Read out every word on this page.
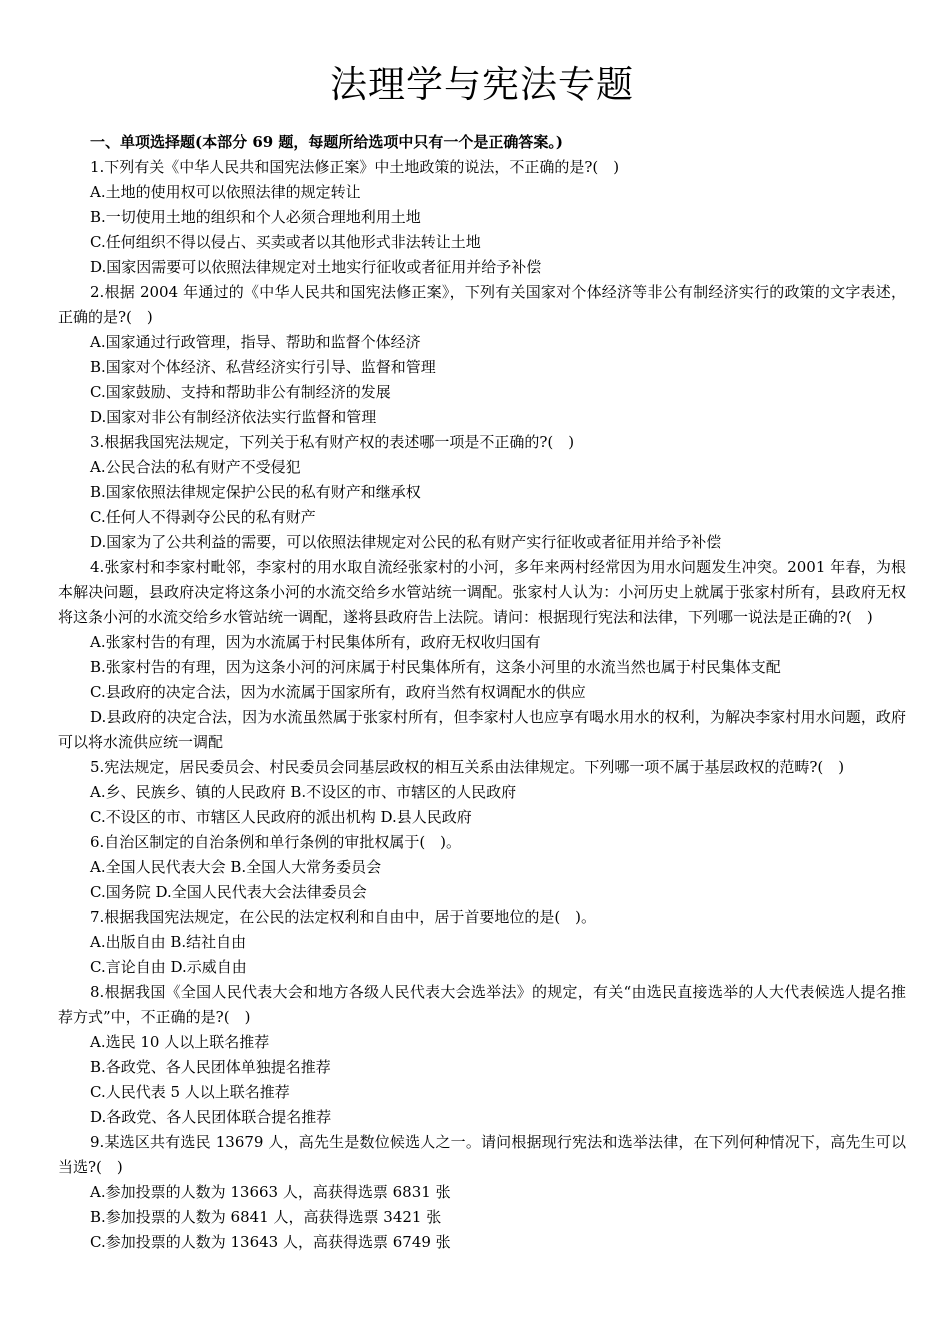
法理学与宪法专题

一、单项选择题(本部分 69 题，每题所给选项中只有一个是正确答案。)

1.下列有关《中华人民共和国宪法修正案》中土地政策的说法，不正确的是?(　)

A.土地的使用权可以依照法律的规定转让

B.一切使用土地的组织和个人必须合理地利用土地

C.任何组织不得以侵占、买卖或者以其他形式非法转让土地

D.国家因需要可以依照法律规定对土地实行征收或者征用并给予补偿

2.根据 2004 年通过的《中华人民共和国宪法修正案》，下列有关国家对个体经济等非公有制经济实行的政策的文字表述，正确的是?(　)

A.国家通过行政管理，指导、帮助和监督个体经济

B.国家对个体经济、私营经济实行引导、监督和管理

C.国家鼓励、支持和帮助非公有制经济的发展

D.国家对非公有制经济依法实行监督和管理

3.根据我国宪法规定，下列关于私有财产权的表述哪一项是不正确的?(　)

A.公民合法的私有财产不受侵犯

B.国家依照法律规定保护公民的私有财产和继承权

C.任何人不得剥夺公民的私有财产

D.国家为了公共利益的需要，可以依照法律规定对公民的私有财产实行征收或者征用并给予补偿

4.张家村和李家村毗邻，李家村的用水取自流经张家村的小河，多年来两村经常因为用水问题发生冲突。2001 年春，为根本解决问题，县政府决定将这条小河的水流交给乡水管站统一调配。张家村人认为：小河历史上就属于张家村所有，县政府无权将这条小河的水流交给乡水管站统一调配，遂将县政府告上法院。请问：根据现行宪法和法律，下列哪一说法是正确的?(　)

A.张家村告的有理，因为水流属于村民集体所有，政府无权收归国有

B.张家村告的有理，因为这条小河的河床属于村民集体所有，这条小河里的水流当然也属于村民集体支配

C.县政府的决定合法，因为水流属于国家所有，政府当然有权调配水的供应

D.县政府的决定合法，因为水流虽然属于张家村所有，但李家村人也应享有喝水用水的权利，为解决李家村用水问题，政府可以将水流供应统一调配

5.宪法规定，居民委员会、村民委员会同基层政权的相互关系由法律规定。下列哪一项不属于基层政权的范畴?(　)

A.乡、民族乡、镇的人民政府 B.不设区的市、市辖区的人民政府

C.不设区的市、市辖区人民政府的派出机构 D.县人民政府

6.自治区制定的自治条例和单行条例的审批权属于(　)。

A.全国人民代表大会 B.全国人大常务委员会

C.国务院 D.全国人民代表大会法律委员会

7.根据我国宪法规定，在公民的法定权利和自由中，居于首要地位的是(　)。

A.出版自由 B.结社自由

C.言论自由 D.示威自由

8.根据我国《全国人民代表大会和地方各级人民代表大会选举法》的规定，有关“由选民直接选举的人大代表候选人提名推荐方式”中，不正确的是?(　)

A.选民 10 人以上联名推荐

B.各政党、各人民团体单独提名推荐

C.人民代表 5 人以上联名推荐

D.各政党、各人民团体联合提名推荐

9.某选区共有选民 13679 人，高先生是数位候选人之一。请问根据现行宪法和选举法律，在下列何种情况下，高先生可以当选?(　)

A.参加投票的人数为 13663 人，高获得选票 6831 张

B.参加投票的人数为 6841 人，高获得选票 3421 张

C.参加投票的人数为 13643 人，高获得选票 6749 张
